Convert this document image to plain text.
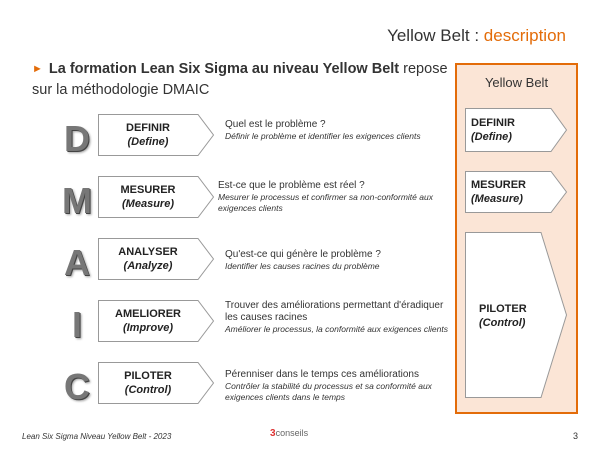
Yellow Belt : description
► La formation Lean Six Sigma au niveau Yellow Belt repose sur la méthodologie DMAIC
D	DEFINIR
(Define)
Quel est le problème ?
Définir le problème et identifier les exigences clients
M	MESURER
(Measure)
Est-ce que le problème est réel ?
Mesurer le processus et confirmer sa non-conformité aux exigences clients
A	ANALYSER
(Analyze)
Qu'est-ce qui génère le problème ?
Identifier les causes racines du problème
I	AMELIORER
(Improve)
Trouver des améliorations permettant d'éradiquer les causes racines
Améliorer le processus, la conformité aux exigences clients
C	PILOTER
(Control)
Pérenniser dans le temps ces améliorations
Contrôler la stabilité du processus et sa conformité aux exigences clients dans le temps
Yellow Belt
DEFINIR
(Define)
MESURER
(Measure)
PILOTER
(Control)
Lean Six Sigma Niveau Yellow Belt - 2023	3conseils	3
